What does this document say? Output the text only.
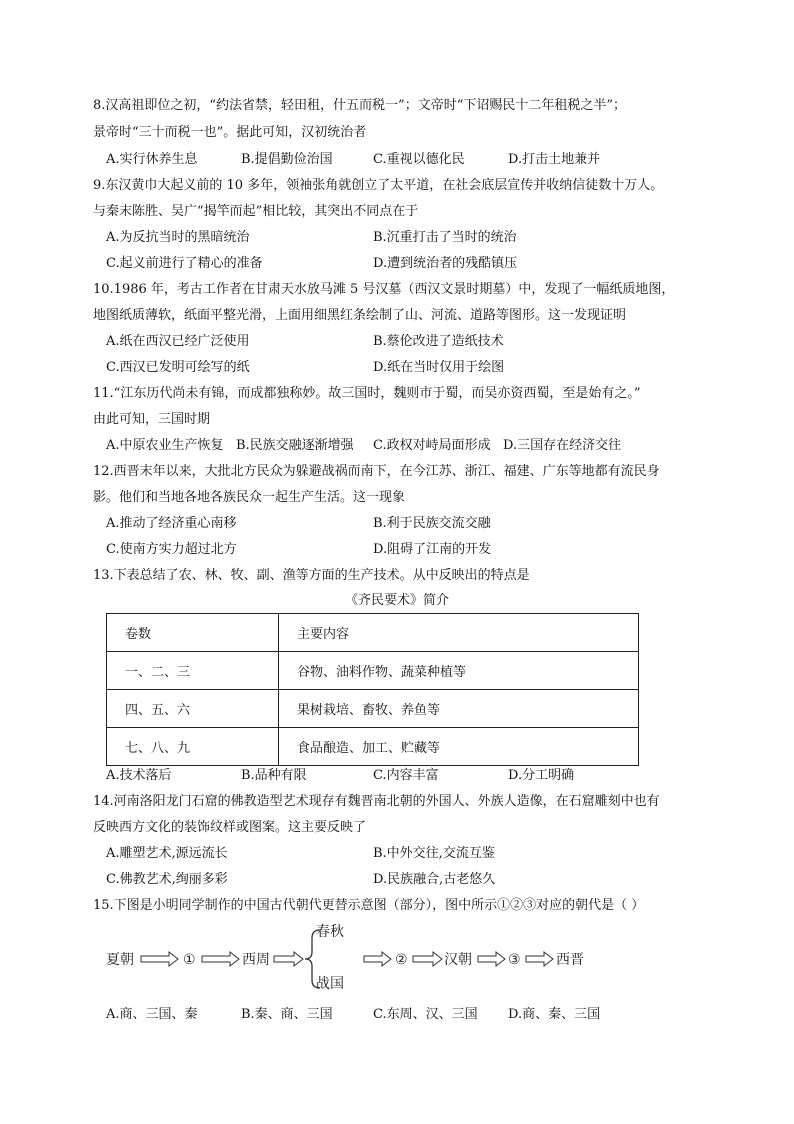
8.汉高祖即位之初，“约法省禁，轻田租，什五而税一”；文帝时“下诏赐民十二年租税之半”；
景帝时“三十而税一也”。据此可知，汉初统治者
A.实行休养生息	B.提倡勤俭治国	C.重视以德化民	D.打击土地兼并
9.东汉黄巾大起义前的 10 多年，领袖张角就创立了太平道，在社会底层宣传并收纳信徒数十万人。
与秦末陈胜、吴广“揭竿而起”相比较，其突出不同点在于
A.为反抗当时的黑暗统治	B.沉重打击了当时的统治
C.起义前进行了精心的准备	D.遭到统治者的残酷镇压
10.1986 年，考古工作者在甘肃天水放马滩 5 号汉墓（西汉文景时期墓）中，发现了一幅纸质地图，
地图纸质薄软，纸面平整光滑，上面用细黑红条绘制了山、河流、道路等图形。这一发现证明
A.纸在西汉已经广泛使用	B.蔡伦改进了造纸技术
C.西汉已发明可绘写的纸	D.纸在当时仅用于绘图
11.“江东历代尚未有锦，而成都独称妙。故三国时，魏则市于蜀，而吴亦资西蜀，至是始有之。”
由此可知，三国时期
A.中原农业生产恢复 B.民族交融逐渐增强 C.政权对峙局面形成 D.三国存在经济交往
12.西晋末年以来，大批北方民众为躲避战祸而南下，在今江苏、浙江、福建、广东等地都有流民身
影。他们和当地各地各族民众一起生产生活。这一现象
A.推动了经济重心南移	B.利于民族交流交融
C.使南方实力超过北方	D.阻碍了江南的开发
13.下表总结了农、林、牧、副、渔等方面的生产技术。从中反映出的特点是
《齐民要术》简介
卷数	主要内容
一、二、三	谷物、油料作物、蔬菜种植等
四、五、六	果树栽培、畜牧、养鱼等
七、八、九	食品酿造、加工、贮藏等
A.技术落后	B.品种有限	C.内容丰富	D.分工明确
14.河南洛阳龙门石窟的佛教造型艺术现存有魏晋南北朝的外国人、外族人造像，在石窟雕刻中也有
反映西方文化的装饰纹样或图案。这主要反映了
A.雕塑艺术,源远流长	B.中外交往,交流互鉴
C.佛教艺术,绚丽多彩	D.民族融合,古老悠久
15.下图是小明同学制作的中国古代朝代更替示意图（部分），图中所示①②③对应的朝代是（ ）
夏朝	①	西周
春秋
战国
②	汉朝	③	西晋
A.商、三国、秦	B.秦、商、三国	C.东周、汉、三国 D.商、秦、三国
